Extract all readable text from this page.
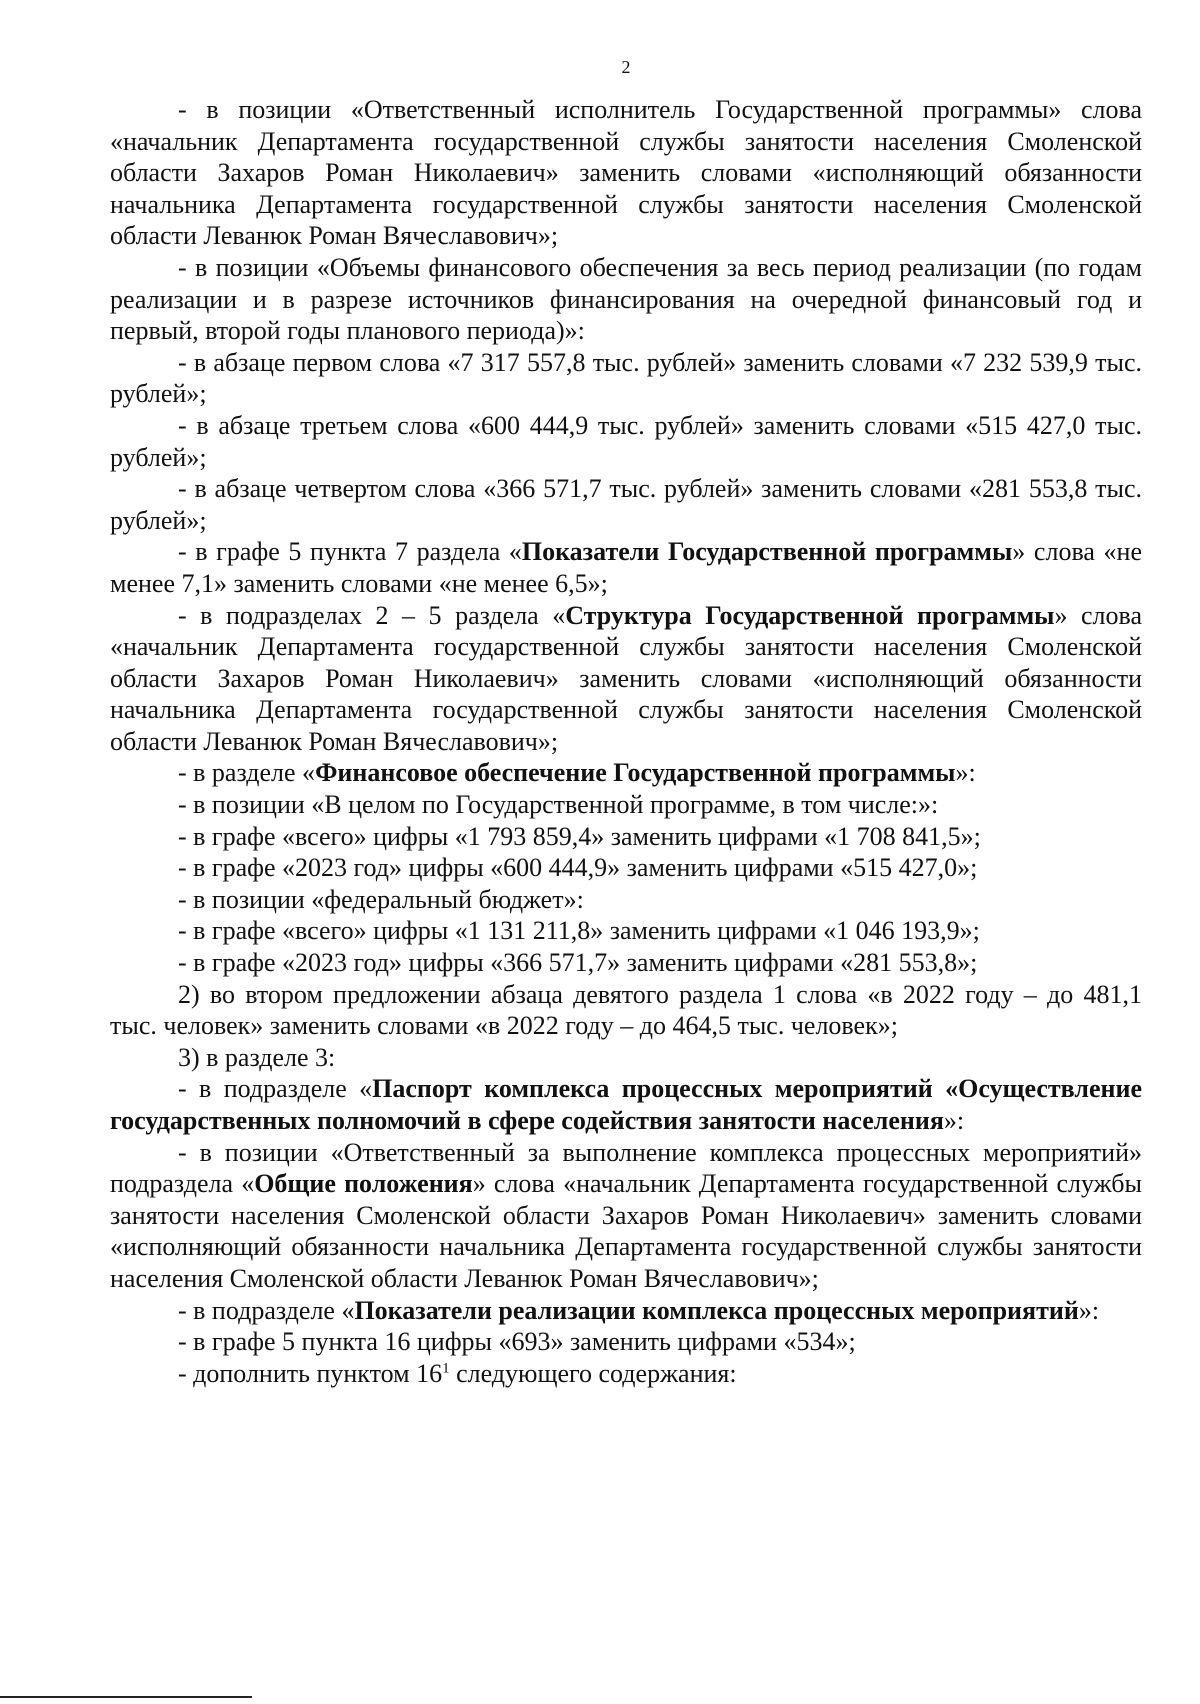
2

- в позиции «Ответственный исполнитель Государственной программы» слова «начальник Департамента государственной службы занятости населения Смоленской области Захаров Роман Николаевич» заменить словами «исполняющий обязанности начальника Департамента государственной службы занятости населения Смоленской области Леванюк Роман Вячеславович»;

- в позиции «Объемы финансового обеспечения за весь период реализации (по годам реализации и в разрезе источников финансирования на очередной финансовый год и первый, второй годы планового периода)»:

- в абзаце первом слова «7 317 557,8 тыс. рублей» заменить словами «7 232 539,9 тыс. рублей»;

- в абзаце третьем слова «600 444,9 тыс. рублей» заменить словами «515 427,0 тыс. рублей»;

- в абзаце четвертом слова «366 571,7 тыс. рублей» заменить словами «281 553,8 тыс. рублей»;

- в графе 5 пункта 7 раздела «Показатели Государственной программы» слова «не менее 7,1» заменить словами «не менее 6,5»;

- в подразделах 2 – 5 раздела «Структура Государственной программы» слова «начальник Департамента государственной службы занятости населения Смоленской области Захаров Роман Николаевич» заменить словами «исполняющий обязанности начальника Департамента государственной службы занятости населения Смоленской области Леванюк Роман Вячеславович»;

- в разделе «Финансовое обеспечение Государственной программы»:

- в позиции «В целом по Государственной программе, в том числе:»:

- в графе «всего» цифры «1 793 859,4» заменить цифрами «1 708 841,5»;

- в графе «2023 год» цифры «600 444,9» заменить цифрами «515 427,0»;

- в позиции «федеральный бюджет»:

- в графе «всего» цифры «1 131 211,8» заменить цифрами «1 046 193,9»;

- в графе «2023 год» цифры «366 571,7» заменить цифрами «281 553,8»;

2) во втором предложении абзаца девятого раздела 1 слова «в 2022 году – до 481,1 тыс. человек» заменить словами «в 2022 году – до 464,5 тыс. человек»;

3) в разделе 3:

- в подразделе «Паспорт комплекса процессных мероприятий «Осуществление государственных полномочий в сфере содействия занятости населения»:

- в позиции «Ответственный за выполнение комплекса процессных мероприятий» подраздела «Общие положения» слова «начальник Департамента государственной службы занятости населения Смоленской области Захаров Роман Николаевич» заменить словами «исполняющий обязанности начальника Департамента государственной службы занятости населения Смоленской области Леванюк Роман Вячеславович»;

- в подразделе «Показатели реализации комплекса процессных мероприятий»:

- в графе 5 пункта 16 цифры «693» заменить цифрами «534»;

- дополнить пунктом $16^1$ следующего содержания:
